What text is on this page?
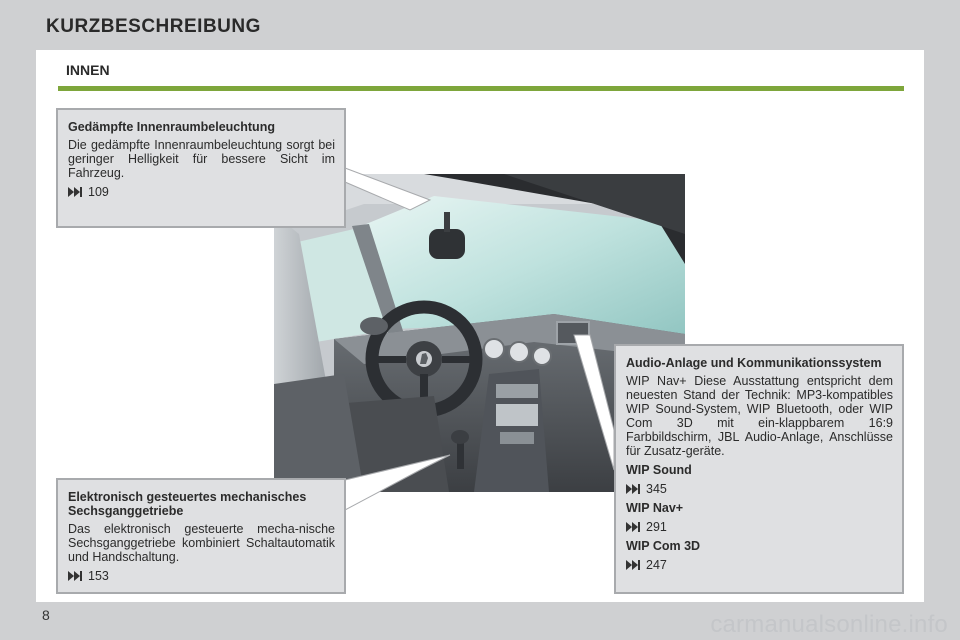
KURZBESCHREIBUNG
8	carmanualsonline.info
INNEN
Gedämpfte Innenraumbeleuchtung
Die gedämpfte Innenraumbeleuchtung sorgt bei geringer Helligkeit für bessere Sicht im Fahrzeug.
109
Elektronisch gesteuertes mechanisches Sechsganggetriebe
Das elektronisch gesteuerte mecha-nische Sechsganggetriebe kombiniert Schaltautomatik und Handschaltung.
153
Audio-Anlage und Kommunikationssystem
WIP Nav+ Diese Ausstattung entspricht dem neuesten Stand der Technik: MP3-kompatibles WIP Sound-System, WIP Bluetooth, oder WIP Com 3D mit ein-klappbarem 16:9 Farbbildschirm, JBL Audio-Anlage, Anschlüsse für Zusatz-geräte.
WIP Sound
345
WIP Nav+
291
WIP Com 3D
247
